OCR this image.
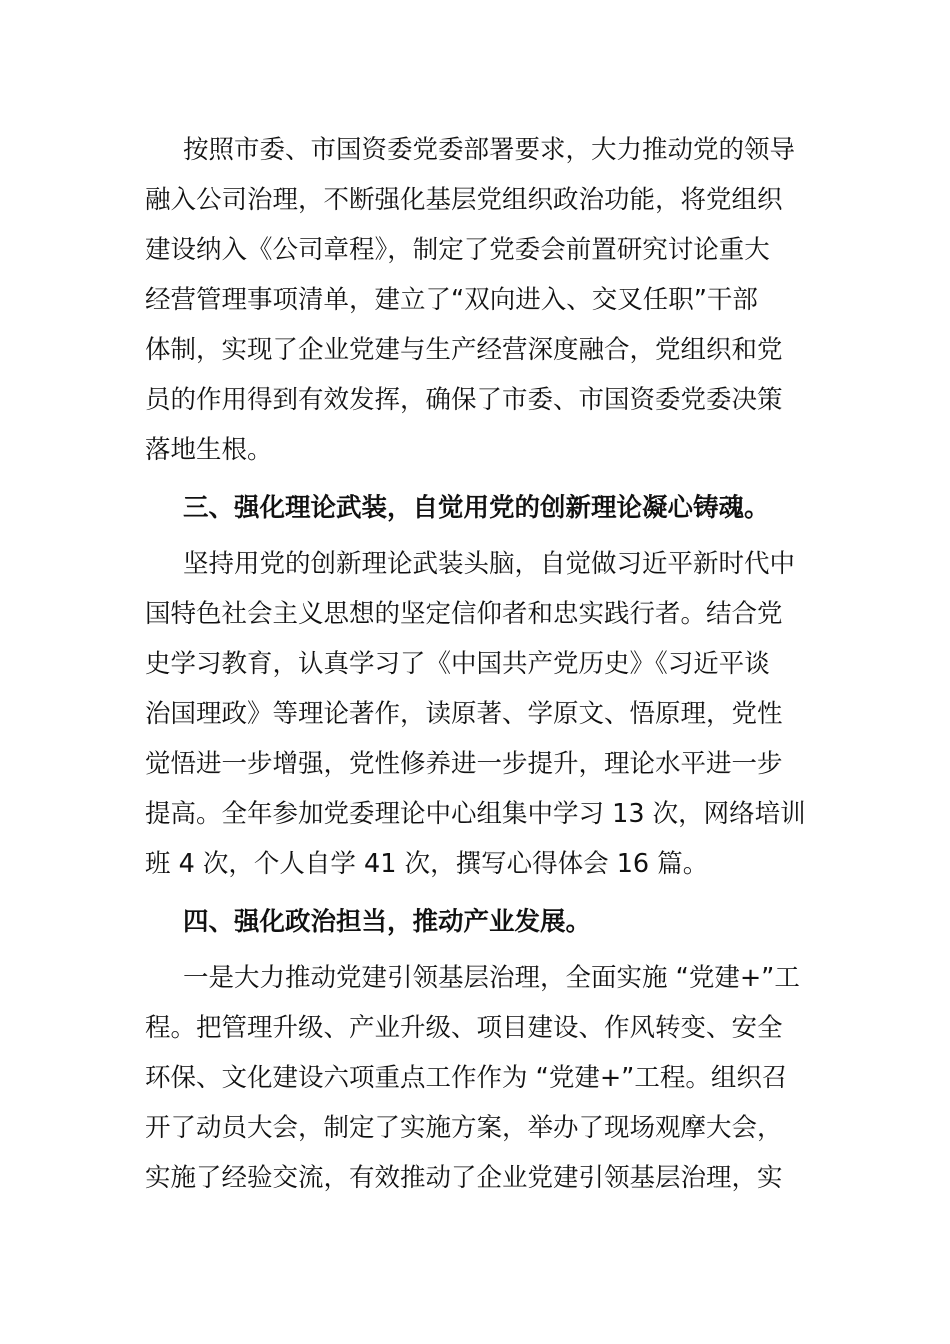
按照市委、市国资委党委部署要求，大力推动党的领导
融入公司治理，不断强化基层党组织政治功能，将党组织
建设纳入《公司章程》，制定了党委会前置研究讨论重大
经营管理事项清单，建立了“双向进入、交叉任职”干部
体制，实现了企业党建与生产经营深度融合，党组织和党
员的作用得到有效发挥，确保了市委、市国资委党委决策
落地生根。
三、强化理论武装，自觉用党的创新理论凝心铸魂。
坚持用党的创新理论武装头脑，自觉做习近平新时代中
国特色社会主义思想的坚定信仰者和忠实践行者。结合党
史学习教育，认真学习了《中国共产党历史》《习近平谈
治国理政》等理论著作，读原著、学原文、悟原理，党性
觉悟进一步增强，党性修养进一步提升，理论水平进一步
提高。全年参加党委理论中心组集中学习 13 次，网络培训
班 4 次，个人自学 41 次，撰写心得体会 16 篇。
四、强化政治担当，推动产业发展。
一是大力推动党建引领基层治理，全面实施 “党建+”工
程。把管理升级、产业升级、项目建设、作风转变、安全
环保、文化建设六项重点工作作为 “党建+”工程。组织召
开了动员大会，制定了实施方案，举办了现场观摩大会，
实施了经验交流，有效推动了企业党建引领基层治理，实
